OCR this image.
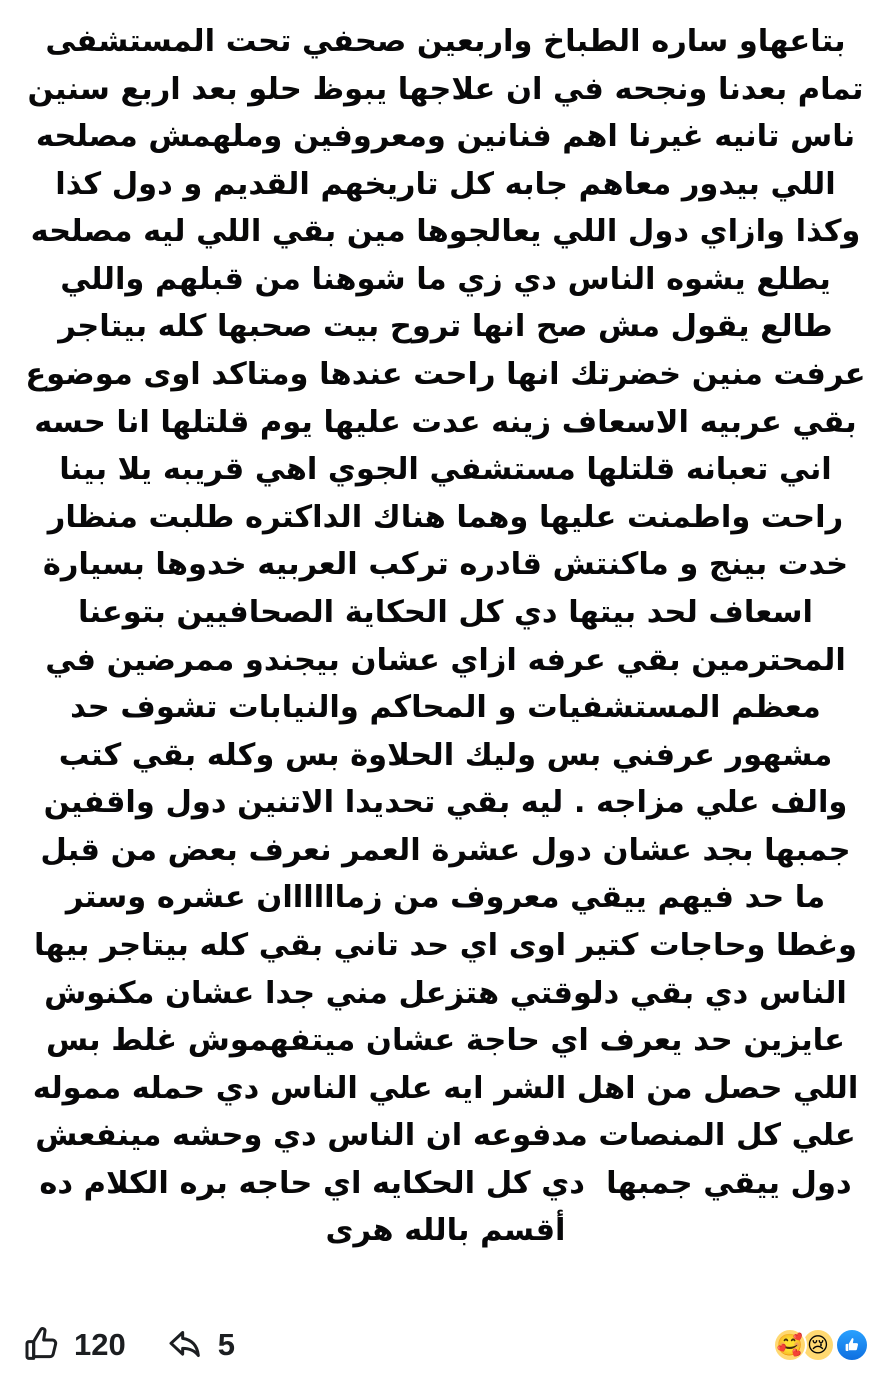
بتاعهاو ساره الطباخ واربعين صحفي تحت المستشفى تمام بعدنا ونجحه في ان علاجها يبوظ حلو بعد اربع سنين ناس تانيه غيرنا اهم فنانين ومعروفين وملهمش مصلحه اللي بيدور معاهم جابه كل تاريخهم القديم و دول كذا وكذا وازاي دول اللي يعالجوها مين بقي اللي ليه مصلحه يطلع يشوه الناس دي زي ما شوهنا من قبلهم واللي طالع يقول مش صح انها تروح بيت صحبها كله بيتاجر عرفت منين خضرتك انها راحت عندها ومتاكد اوى موضوع بقي عربيه الاسعاف زينه عدت عليها يوم قلتلها انا حسه اني تعبانه قلتلها مستشفي الجوي اهي قريبه يلا بينا راحت واطمنت عليها وهما هناك الداكتره طلبت منظار خدت بينج و ماكنتش قادره تركب العربيه خدوها بسيارة اسعاف لحد بيتها دي كل الحكاية الصحافيين بتوعنا المحترمين بقي عرفه ازاي عشان بيجندو ممرضين في معظم المستشفيات و المحاكم والنيابات تشوف حد مشهور عرفني بس وليك الحلاوة بس وكله بقي كتب والف علي مزاجه . ليه بقي تحديدا الاتنين دول واقفين جمبها بجد عشان دول عشرة العمر نعرف بعض من قبل ما حد فيهم ييقي معروف من زماااااان عشره وستر وغطا وحاجات كتير اوى اي حد تاني بقي كله بيتاجر بيها الناس دي بقي دلوقتي هتزعل مني جدا عشان مكنوش عايزين حد يعرف اي حاجة عشان ميتفهموش غلط بس اللي حصل من اهل الشر ايه علي الناس دي حمله مموله علي كل المنصات مدفوعه ان الناس دي وحشه مينفعش دول ييقي جمبها  دي كل الحكايه اي حاجه بره الكلام ده أقسم بالله هرى
120	5	😢
🥰
